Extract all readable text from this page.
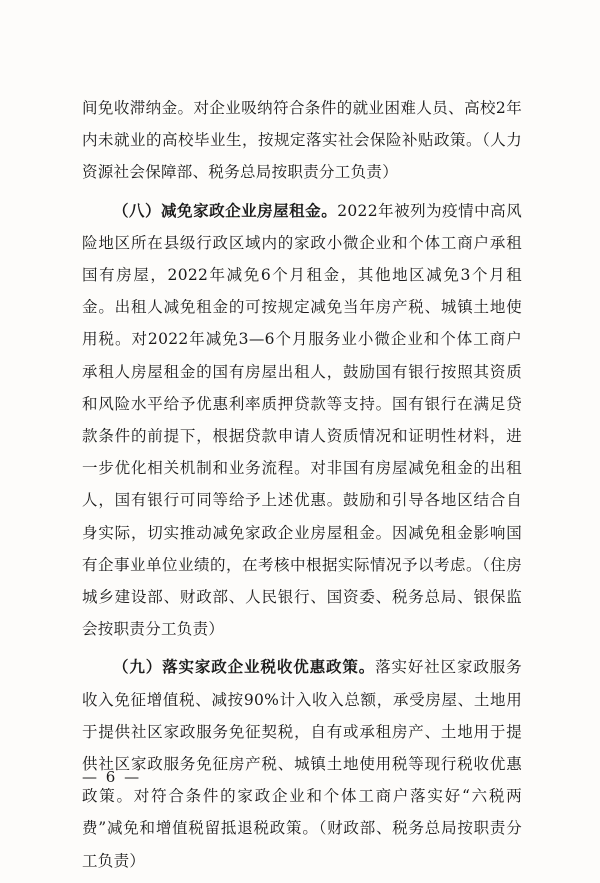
间免收滞纳金。对企业吸纳符合条件的就业困难人员、高校2年内未就业的高校毕业生，按规定落实社会保险补贴政策。（人力资源社会保障部、税务总局按职责分工负责）

（八）减免家政企业房屋租金。2022年被列为疫情中高风险地区所在县级行政区域内的家政小微企业和个体工商户承租国有房屋，2022年减免6个月租金，其他地区减免3个月租金。出租人减免租金的可按规定减免当年房产税、城镇土地使用税。对2022年减免3—6个月服务业小微企业和个体工商户承租人房屋租金的国有房屋出租人，鼓励国有银行按照其资质和风险水平给予优惠利率质押贷款等支持。国有银行在满足贷款条件的前提下，根据贷款申请人资质情况和证明性材料，进一步优化相关机制和业务流程。对非国有房屋减免租金的出租人，国有银行可同等给予上述优惠。鼓励和引导各地区结合自身实际，切实推动减免家政企业房屋租金。因减免租金影响国有企事业单位业绩的，在考核中根据实际情况予以考虑。（住房城乡建设部、财政部、人民银行、国资委、税务总局、银保监会按职责分工负责）

（九）落实家政企业税收优惠政策。落实好社区家政服务收入免征增值税、减按90%计入收入总额，承受房屋、土地用于提供社区家政服务免征契税，自有或承租房产、土地用于提供社区家政服务免征房产税、城镇土地使用税等现行税收优惠政策。对符合条件的家政企业和个体工商户落实好“六税两费”减免和增值税留抵退税政策。（财政部、税务总局按职责分工负责）

— 6 —
